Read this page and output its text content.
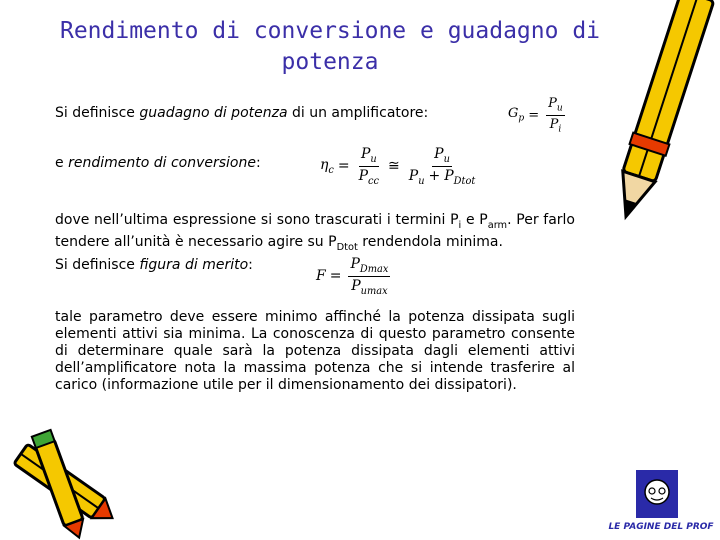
Rendimento di conversione e guadagno di potenza
Si definisce guadagno di potenza di un amplificatore:	$G_p = \frac{P_u}{P_i}$
e rendimento di conversione:	$\eta_c = \frac{P_u}{P_{cc}}$ ≅ $\frac{P_u}{P_u + P_{Dtot}}$
dove nell’ultima espressione si sono trascurati i termini $P_i$ e $P_{arm}$. Per farlo tendere all’unità è necessario agire su $P_{Dtot}$ rendendola minima.
Si definisce figura di merito:
$F = \frac{P_{Dmax}}{P_{umax}}$
tale parametro deve essere minimo affinché la potenza dissipata sugli elementi attivi sia minima. La conoscenza di questo parametro consente di determinare quale sarà la potenza dissipata dagli elementi attivi dell’amplificatore nota la massima potenza che si intende trasferire al carico (informazione utile per il dimensionamento dei dissipatori).
LE PAGINE DEL PROF
